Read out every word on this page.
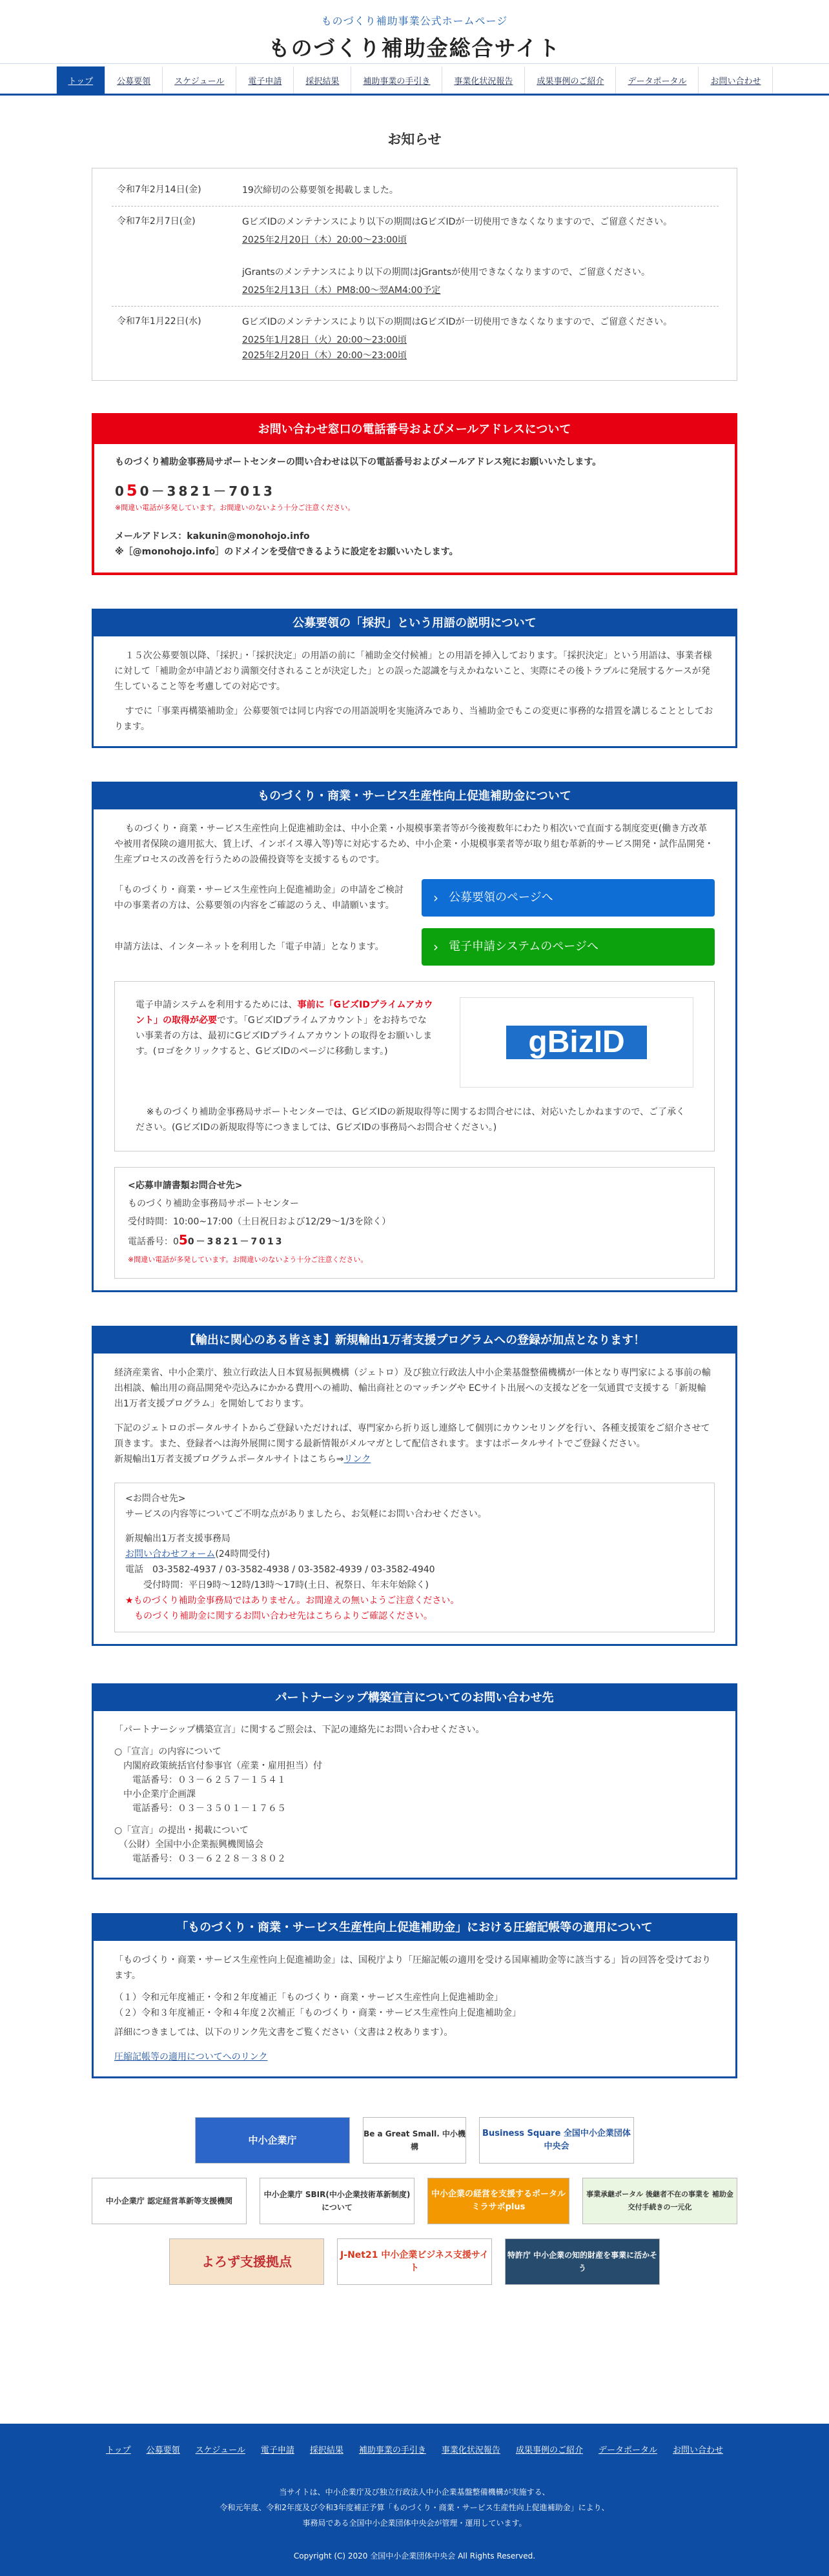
ものづくり補助事業公式ホームページ
ものづくり補助金総合サイト
トップ	公募要領	スケジュール	電子申請	採択結果	補助事業の手引き	事業化状況報告	成果事例のご紹介	データポータル	お問い合わせ
お知らせ
令和7年2月14日(金)	19次締切の公募要領を掲載しました。
令和7年2月7日(金)	GビズIDのメンテナンスにより以下の期間はGビズIDが一切使用できなくなりますので、ご留意ください。
2025年2月20日（木）20:00～23:00頃
jGrantsのメンテナンスにより以下の期間はjGrantsが使用できなくなりますので、ご留意ください。
2025年2月13日（木）PM8:00～翌AM4:00予定
令和7年1月22日(水)	GビズIDのメンテナンスにより以下の期間はGビズIDが一切使用できなくなりますので、ご留意ください。
2025年1月28日（火）20:00～23:00頃
2025年2月20日（木）20:00～23:00頃
お問い合わせ窓口の電話番号およびメールアドレスについて
ものづくり補助金事務局サポートセンターの問い合わせは以下の電話番号およびメールアドレス宛にお願いいたします。
050－3821－7013
※間違い電話が多発しています。お間違いのないよう十分ご注意ください。
メールアドレス：kakunin@monohojo.info
※［@monohojo.info］のドメインを受信できるように設定をお願いいたします。
公募要領の「採択」という用語の説明について

１５次公募要領以降、「採択」・「採択決定」の用語の前に「補助金交付候補」との用語を挿入しております。「採択決定」という用語は、事業者様に対して「補助金が申請どおり満額交付されることが決定した」との誤った認識を与えかねないこと、実際にその後トラブルに発展するケースが発生していること等を考慮しての対応です。

すでに「事業再構築補助金」公募要領では同じ内容での用語説明を実施済みであり、当補助金でもこの変更に事務的な措置を講じることとしております。

ものづくり・商業・サービス生産性向上促進補助金について

ものづくり・商業・サービス生産性向上促進補助金は、中小企業・小規模事業者等が今後複数年にわたり相次いで直面する制度変更(働き方改革や被用者保険の適用拡大、賃上げ、インボイス導入等)等に対応するため、中小企業・小規模事業者等が取り組む革新的サービス開発・試作品開発・生産プロセスの改善を行うための設備投資等を支援するものです。

「ものづくり・商業・サービス生産性向上促進補助金」の申請をご検討中の事業者の方は、公募要領の内容をご確認のうえ、申請願います。	› 公募要領のページへ
申請方法は、インターネットを利用した「電子申請」となります。	› 電子申請システムのページへ
電子申請システムを利用するためには、事前に「GビズIDプライムアカウント」の取得が必要です。「GビズIDプライムアカウント」をお持ちでない事業者の方は、最初にGビズIDプライムアカウントの取得をお願いします。(ロゴをクリックすると、GビズIDのページに移動します。)	gBizID

※ものづくり補助金事務局サポートセンターでは、GビズIDの新規取得等に関するお問合せには、対応いたしかねますので、ご了承ください。(GビズIDの新規取得等につきましては、GビズIDの事務局へお問合せください。)

<応募申請書類お問合せ先>
ものづくり補助金事務局サポートセンター
受付時間：10:00~17:00（土日祝日および12/29～1/3を除く）
電話番号：050－3821－7013
※間違い電話が多発しています。お間違いのないよう十分ご注意ください。
【輸出に関心のある皆さま】新規輸出1万者支援プログラムへの登録が加点となります！
経済産業省、中小企業庁、独立行政法人日本貿易振興機構（ジェトロ）及び独立行政法人中小企業基盤整備機構が一体となり専門家による事前の輸出相談、輸出用の商品開発や売込みにかかる費用への補助、輸出商社とのマッチングや ECサイト出展への支援などを一気通貫で支援する「新規輸出1万者支援プログラム」を開始しております。
下記のジェトロのポータルサイトからご登録いただければ、専門家から折り返し連絡して個別にカウンセリングを行い、各種支援策をご紹介させて頂きます。また、登録者へは海外展開に関する最新情報がメルマガとして配信されます。ますはポータルサイトでご登録ください。
新規輸出1万者支援プログラムポータルサイトはこちら⇒リンク
<お問合せ先>
サービスの内容等についてご不明な点がありましたら、お気軽にお問い合わせください。
新規輸出1万者支援事務局
お問い合わせフォーム(24時間受付)
電話　03-3582-4937 / 03-3582-4938 / 03-3582-4939 / 03-3582-4940
　　受付時間：平日9時～12時/13時～17時(土日、祝祭日、年末年始除く)
★ものづくり補助金事務局ではありません。お間違えの無いようご注意ください。
　ものづくり補助金に関するお問い合わせ先はこちらよりご確認ください。
パートナーシップ構築宣言についてのお問い合わせ先
「パートナーシップ構築宣言」に関するご照会は、下記の連絡先にお問い合わせください。
○「宣言」の内容について
　内閣府政策統括官付参事官（産業・雇用担当）付
　　電話番号：０３－６２５７－１５４１
　中小企業庁企画課
　　電話番号：０３－３５０１－１７６５
○「宣言」の提出・掲載について
　（公財）全国中小企業振興機関協会
　　電話番号：０３－６２２８－３８０２
「ものづくり・商業・サービス生産性向上促進補助金」における圧縮記帳等の適用について
「ものづくり・商業・サービス生産性向上促進補助金」は、国税庁より「圧縮記帳の適用を受ける国庫補助金等に該当する」旨の回答を受けております。
（１）令和元年度補正・令和２年度補正「ものづくり・商業・サービス生産性向上促進補助金」
（２）令和３年度補正・令和４年度２次補正「ものづくり・商業・サービス生産性向上促進補助金」
詳細につきましては、以下のリンク先文書をご覧ください（文書は２枚あります）。
圧縮記帳等の適用についてへのリンク
中小企業庁
Be a Great Small. 中小機構
Business Square 全国中小企業団体中央会
中小企業庁 認定経営革新等支援機関
中小企業庁 SBIR(中小企業技術革新制度)について
中小企業の経営を支援するポータル ミラサポplus
事業承継ポータル 後継者不在の事業を 補助金交付手続きの一元化
よろず支援拠点	J-Net21 中小企業ビジネス支援サイト
特許庁 中小企業の知的財産を事業に活かそう
トップ 公募要領 スケジュール 電子申請 採択結果 補助事業の手引き 事業化状況報告 成果事例のご紹介 データポータル お問い合わせ
当サイトは、中小企業庁及び独立行政法人中小企業基盤整備機構が実施する、
令和元年度、令和2年度及び令和3年度補正予算「ものづくり・商業・サービス生産性向上促進補助金」により、
事務局である全国中小企業団体中央会が管理・運用しています。
Copyright (C) 2020 全国中小企業団体中央会 All Rights Reserved.
